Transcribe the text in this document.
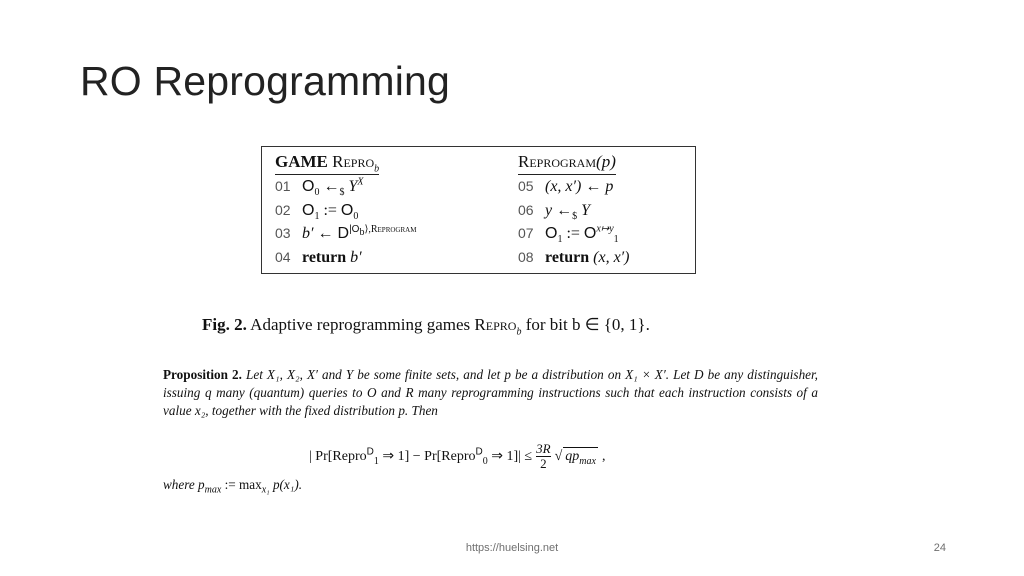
RO Reprogramming
GAME Repro$_b$
01 $O_0$ $\leftarrow_{\$}$ $Y^X$
02 $O_1$ := $O_0$
03 b′ ← $D^{|O_b⟩,Reprogram}$
04 return b′
Reprogram(p)
05 (x, x′) ← p
06 y $\leftarrow_{\$}$ Y
07 $O_1$ := $O^{x↦y}_1$
08 return (x, x′)
Fig. 2. Adaptive reprogramming games Repro$_b$ for bit b ∈ {0, 1}.

Proposition 2. Let X₁, X₂, X′ and Y be some finite sets, and let p be a distribution on X₁ × X′. Let D be any distinguisher, issuing q many (quantum) queries to O and R many reprogramming instructions such that each instruction consists of a value x₂, together with the fixed distribution p. Then

| Pr[Repro$^D_1$ ⇒ 1] − Pr[Repro$^D_0$ ⇒ $1]| \le \frac{3R}{2}$ √ $qp_{max}$ ,
where $p_{max}$ := $\max_{x_1} p(x_1)$.
https://huelsing.net	24
